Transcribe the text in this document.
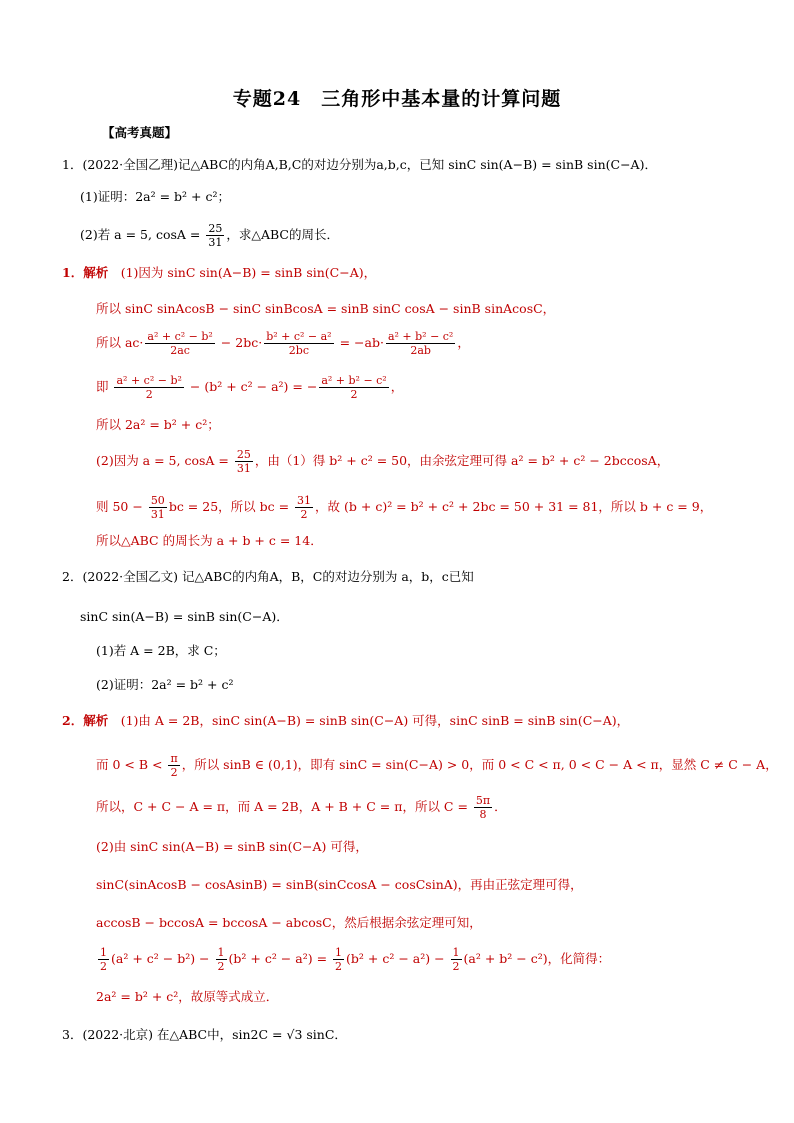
专题24　三角形中基本量的计算问题
【高考真题】
1．(2022·全国乙理)记△ABC的内角A,B,C的对边分别为a,b,c，已知 sinC sin(A−B) = sinB sin(C−A)．
(1)证明：2a² = b² + c²；
(2)若 a = 5, $\cos A = \frac{25}{31}$ ，求△ABC的周长．
1．解析　 (1)因为 sinC sin(A−B) = sinB sin(C−A)，
所以 sinC sinAcosB − sinC sinBcosA = sinB sinC cosA − sinB sinAcosC，
所以 $ac\cdot \frac{\text{a² + c² − b²}}{2ac} - 2bc\cdot \frac{\text{b² + c² − a²}}{2bc} = -ab\cdot \frac{\text{a² + b² − c²}}{2ab}$ ，
即 $\frac{\text{a² + c² − b²}}{2} - (b^2 + c^2 - a^2)$ = − $\frac{\text{a² + b² − c²}}{2}$ ，
所以 2a² = b² + c²；
(2)因为 a = 5, $\cos A = \frac{25}{31}$ ，由（1）得 b² + c² = 50，由余弦定理可得 a² = b² + c² − 2bccosA，
则 $50 - \frac{50}{31}$ bc = 25，所以 bc = $\frac{31}{2}$ ，故 (b + c)² = b² + c² + 2bc = 50 + 31 = 81，所以 b + c = 9，
所以△ABC 的周长为 a + b + c = 14．
2．(2022·全国乙文) 记△ABC的内角A，B，C的对边分别为 a，b，c已知
sinC sin(A−B) = sinB sin(C−A)．
(1)若 A = 2B，求 C；
(2)证明：2a² = b² + c²
2．解析　 (1)由 A = 2B，sinC sin(A−B) = sinB sin(C−A) 可得，sinC sinB = sinB sin(C−A)，
而 $0 < B < \frac{\pi}{2}$ ，所以 sinB ∈ (0,1)，即有 sinC = sin(C−A) > 0，而 0 < C < π, 0 < C − A < π，显然 C ≠ C − A，
所以，C + C − A = π，而 A = 2B，A + B + C = π，所以 $C = \frac{5\pi}{8}$ ．
(2)由 sinC sin(A−B) = sinB sin(C−A) 可得，
sinC(sinAcosB − cosAsinB) = sinB(sinCcosA − cosCsinA)，再由正弦定理可得，
accosB − bccosA = bccosA − abcosC，然后根据余弦定理可知，
$\frac{1}{2} (a^2 + c^2 - b^2) - \frac{1}{2} (b^2 + c^2 - a^2) = \frac{1}{2} (b^2 + c^2 - a^2) - \frac{1}{2} (a^2 + b^2 - c^2)$，化简得：
2a² = b² + c²，故原等式成立．
3．(2022·北京) 在△ABC中，sin2C = √3 sinC．
